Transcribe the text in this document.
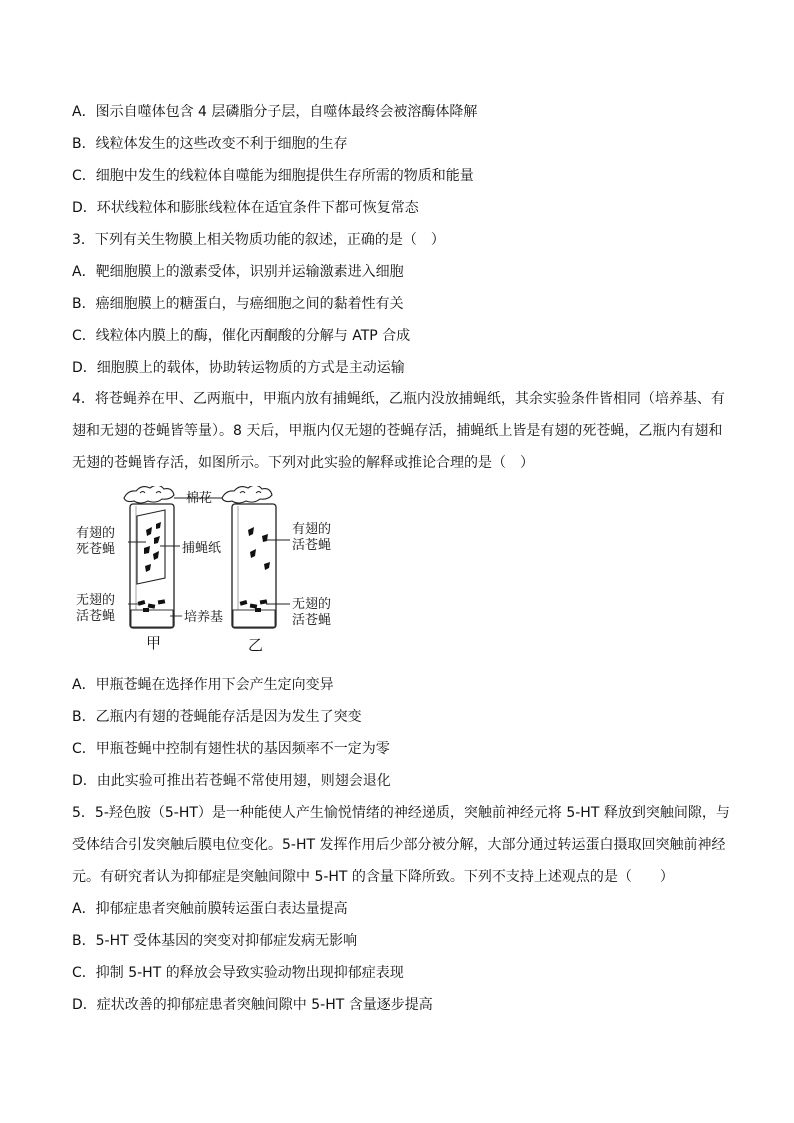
A．图示自噬体包含 4 层磷脂分子层，自噬体最终会被溶酶体降解
B．线粒体发生的这些改变不利于细胞的生存
C．细胞中发生的线粒体自噬能为细胞提供生存所需的物质和能量
D．环状线粒体和膨胀线粒体在适宜条件下都可恢复常态
3．下列有关生物膜上相关物质功能的叙述，正确的是（　）
A．靶细胞膜上的激素受体，识别并运输激素进入细胞
B．癌细胞膜上的糖蛋白，与癌细胞之间的黏着性有关
C．线粒体内膜上的酶，催化丙酮酸的分解与 ATP 合成
D．细胞膜上的载体，协助转运物质的方式是主动运输
4．将苍蝇养在甲、乙两瓶中，甲瓶内放有捕蝇纸，乙瓶内没放捕蝇纸，其余实验条件皆相同（培养基、有
翅和无翅的苍蝇皆等量）。8 天后，甲瓶内仅无翅的苍蝇存活，捕蝇纸上皆是有翅的死苍蝇，乙瓶内有翅和
无翅的苍蝇皆存活，如图所示。下列对此实验的解释或推论合理的是（　）
棉花
有翅的
死苍蝇	捕蝇纸
无翅的
活苍蝇	培养基
有翅的
活苍蝇
无翅的
活苍蝇
甲	乙
A．甲瓶苍蝇在选择作用下会产生定向变异
B．乙瓶内有翅的苍蝇能存活是因为发生了突变
C．甲瓶苍蝇中控制有翅性状的基因频率不一定为零
D．由此实验可推出若苍蝇不常使用翅，则翅会退化
5．5-羟色胺（5-HT）是一种能使人产生愉悦情绪的神经递质，突触前神经元将 5-HT 释放到突触间隙，与
受体结合引发突触后膜电位变化。5-HT 发挥作用后少部分被分解，大部分通过转运蛋白摄取回突触前神经
元。有研究者认为抑郁症是突触间隙中 5-HT 的含量下降所致。下列不支持上述观点的是（　　）
A．抑郁症患者突触前膜转运蛋白表达量提高
B．5-HT 受体基因的突变对抑郁症发病无影响
C．抑制 5-HT 的释放会导致实验动物出现抑郁症表现
D．症状改善的抑郁症患者突触间隙中 5-HT 含量逐步提高
